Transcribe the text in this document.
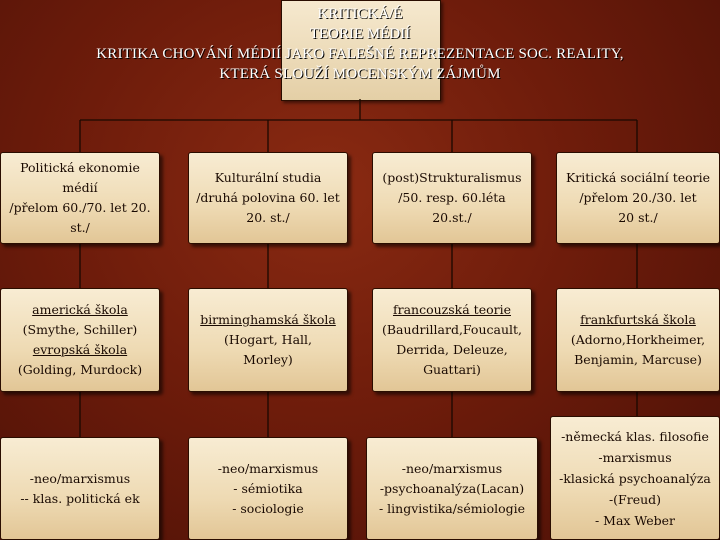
KRITICKÁ/É
TEORIE MÉDIÍ
KRITIKA CHOVÁNÍ MÉDIÍ JAKO FALEŠNÉ REPREZENTACE SOC. REALITY,
KTERÁ SLOUŽÍ MOCENSKÝM ZÁJMŮM
Politická ekonomie
médií
/přelom 60./70. let 20.
st./
Kulturální studia
/druhá polovina 60. let
20. st./
(post)Strukturalismus
/50. resp. 60.léta
20.st./
Kritická sociální teorie
/přelom 20./30. let
20 st./
americká škola
(Smythe, Schiller)
evropská škola
(Golding, Murdock)
birminghamská škola
(Hogart, Hall,
Morley)
francouzská teorie
(Baudrillard,Foucault,
Derrida, Deleuze,
Guattari)
frankfurtská škola
(Adorno,Horkheimer,
Benjamin, Marcuse)
-neo/marxismus
-- klas. politická ek
-neo/marxismus
- sémiotika
- sociologie
-neo/marxismus
-psychoanalýza(Lacan)
- lingvistika/sémiologie
-německá klas. filosofie
-marxismus
-klasická psychoanalýza
-(Freud)
- Max Weber
